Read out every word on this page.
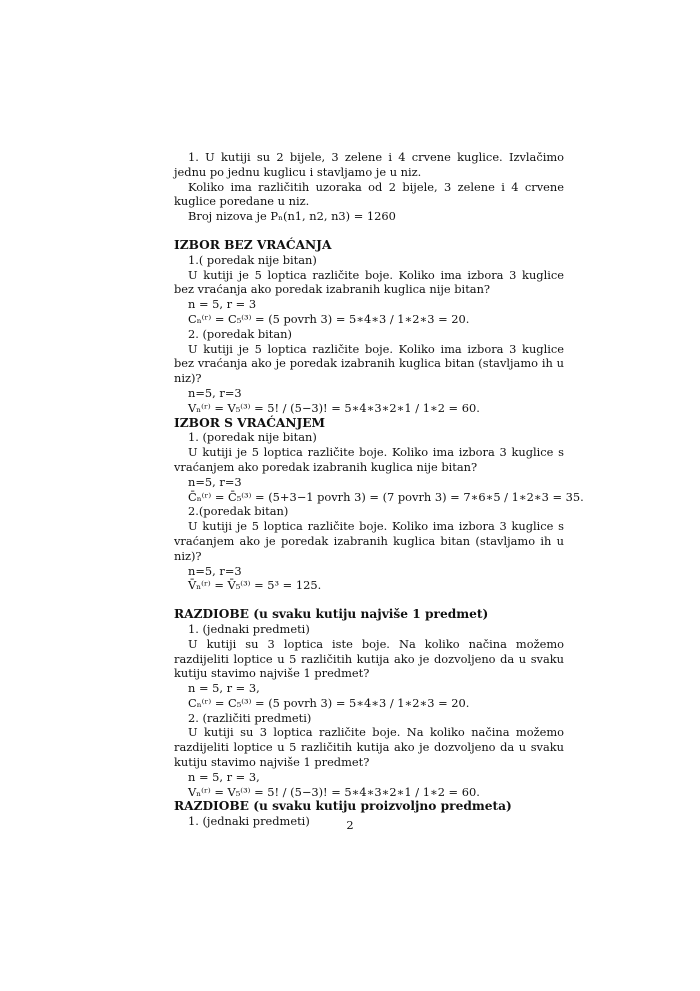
1. U kutiji su 2 bijele, 3 zelene i 4 crvene kuglice. Izvlačimo jednu po jednu kuglicu i stavljamo je u niz.

Koliko ima različitih uzoraka od 2 bijele, 3 zelene i 4 crvene kuglice poredane u niz.

Broj nizova je Pₙ(n1, n2, n3) = 1260

IZBOR BEZ VRAĆANJA

1.( poredak nije bitan)

U kutiji je 5 loptica različite boje. Koliko ima izbora 3 kuglice bez vraćanja ako poredak izabranih kuglica nije bitan?

n = 5, r = 3

Cₙ⁽ʳ⁾ = C₅⁽³⁾ = (5 povrh 3) = 5∗4∗3 / 1∗2∗3 = 20.

2. (poredak bitan)

U kutiji je 5 loptica različite boje. Koliko ima izbora 3 kuglice bez vraćanja ako je poredak izabranih kuglica bitan (stavljamo ih u niz)?

n=5, r=3

Vₙ⁽ʳ⁾ = V₅⁽³⁾ = 5! / (5−3)! = 5∗4∗3∗2∗1 / 1∗2 = 60.

IZBOR S VRAĆANJEM

1. (poredak nije bitan)

U kutiji je 5 loptica različite boje. Koliko ima izbora 3 kuglice s vraćanjem ako poredak izabranih kuglica nije bitan?

n=5, r=3

C̄ₙ⁽ʳ⁾ = C̄₅⁽³⁾ = (5+3−1 povrh 3) = (7 povrh 3) = 7∗6∗5 / 1∗2∗3 = 35.

2.(poredak bitan)

U kutiji je 5 loptica različite boje. Koliko ima izbora 3 kuglice s vraćanjem ako je poredak izabranih kuglica bitan (stavljamo ih u niz)?

n=5, r=3

V̄ₙ⁽ʳ⁾ = V̄₅⁽³⁾ = 5³ = 125.

RAZDIOBE (u svaku kutiju najviše 1 predmet)

1. (jednaki predmeti)

U kutiji su 3 loptica iste boje. Na koliko načina možemo razdijeliti loptice u 5 različitih kutija ako je dozvoljeno da u svaku kutiju stavimo najviše 1 predmet?

n = 5, r = 3,

Cₙ⁽ʳ⁾ = C₅⁽³⁾ = (5 povrh 3) = 5∗4∗3 / 1∗2∗3 = 20.

2. (različiti predmeti)

U kutiji su 3 loptica različite boje. Na koliko načina možemo razdijeliti loptice u 5 različitih kutija ako je dozvoljeno da u svaku kutiju stavimo najviše 1 predmet?

n = 5, r = 3,

Vₙ⁽ʳ⁾ = V₅⁽³⁾ = 5! / (5−3)! = 5∗4∗3∗2∗1 / 1∗2 = 60.

RAZDIOBE (u svaku kutiju proizvoljno predmeta)

1. (jednaki predmeti)	2
